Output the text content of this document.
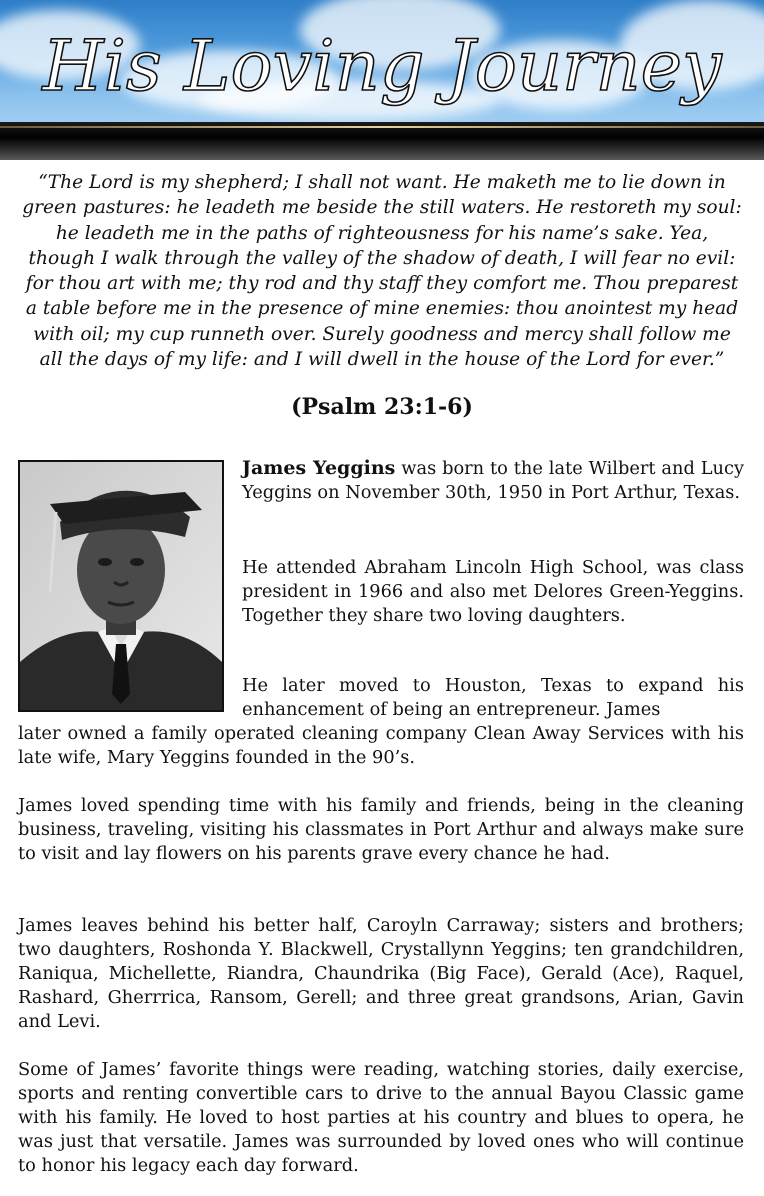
His Loving Journey
“The Lord is my shepherd; I shall not want. He maketh me to lie down in green pastures: he leadeth me beside the still waters. He restoreth my soul: he leadeth me in the paths of righteousness for his name’s sake. Yea, though I walk through the valley of the shadow of death, I will fear no evil: for thou art with me; thy rod and thy staff they comfort me. Thou preparest a table before me in the presence of mine enemies: thou anointest my head with oil; my cup runneth over. Surely goodness and mercy shall follow me all the days of my life: and I will dwell in the house of the Lord for ever.”
(Psalm 23:1-6)

James Yeggins was born to the late Wilbert and Lucy Yeggins on November 30th, 1950 in Port Arthur, Texas.

He attended Abraham Lincoln High School, was class president in 1966 and also met Delores Green-Yeggins. Together they share two loving daughters.

He later moved to Houston, Texas to expand his enhancement of being an entrepreneur. James

later owned a family operated cleaning company Clean Away Services with his late wife, Mary Yeggins founded in the 90’s.

James loved spending time with his family and friends, being in the cleaning business, traveling, visiting his classmates in Port Arthur and always make sure to visit and lay flowers on his parents grave every chance he had.

James leaves behind his better half, Caroyln Carraway; sisters and brothers; two daughters, Roshonda Y. Blackwell, Crystallynn Yeggins; ten grandchildren, Raniqua, Michellette, Riandra, Chaundrika (Big Face), Gerald (Ace), Raquel, Rashard, Gherrrica, Ransom, Gerell; and three great grandsons, Arian, Gavin and Levi.

Some of James’ favorite things were reading, watching stories, daily exercise, sports and renting convertible cars to drive to the annual Bayou Classic game with his family. He loved to host parties at his country and blues to opera, he was just that versatile. James was surrounded by loved ones who will continue to honor his legacy each day forward.
